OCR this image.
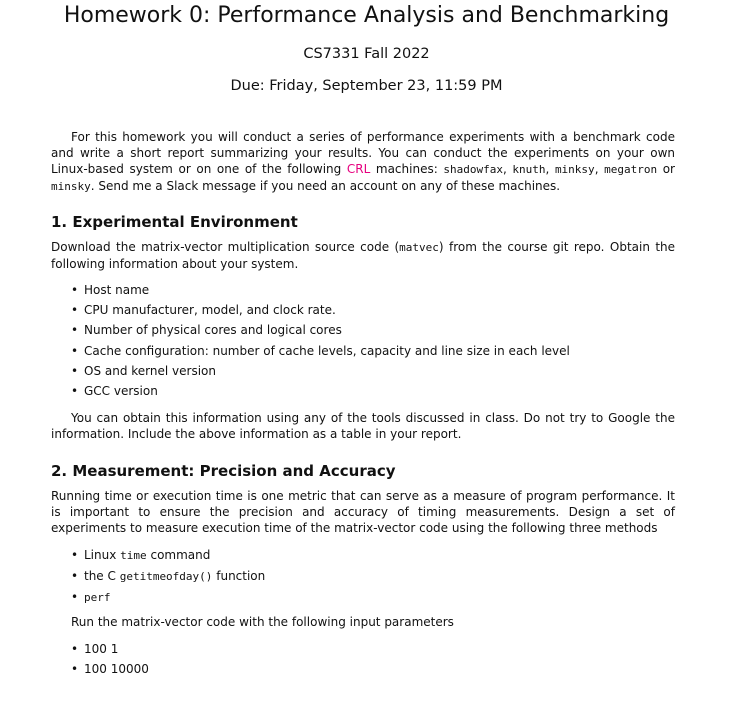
Homework 0: Performance Analysis and Benchmarking
CS7331 Fall 2022
Due: Friday, September 23, 11:59 PM

For this homework you will conduct a series of performance experiments with a benchmark code and write a short report summarizing your results. You can conduct the experiments on your own Linux-based system or on one of the following CRL machines: shadowfax, knuth, minksy, megatron or minsky. Send me a Slack message if you need an account on any of these machines.

1. Experimental Environment

Download the matrix-vector multiplication source code (matvec) from the course git repo. Obtain the following information about your system.

• Host name
• CPU manufacturer, model, and clock rate.
• Number of physical cores and logical cores
• Cache configuration: number of cache levels, capacity and line size in each level
• OS and kernel version
• GCC version

You can obtain this information using any of the tools discussed in class. Do not try to Google the information. Include the above information as a table in your report.

2. Measurement: Precision and Accuracy

Running time or execution time is one metric that can serve as a measure of program performance. It is important to ensure the precision and accuracy of timing measurements. Design a set of experiments to measure execution time of the matrix-vector code using the following three methods

• Linux time command
• the C getitmeofday() function
• perf

Run the matrix-vector code with the following input parameters

• 100 1
• 100 10000
